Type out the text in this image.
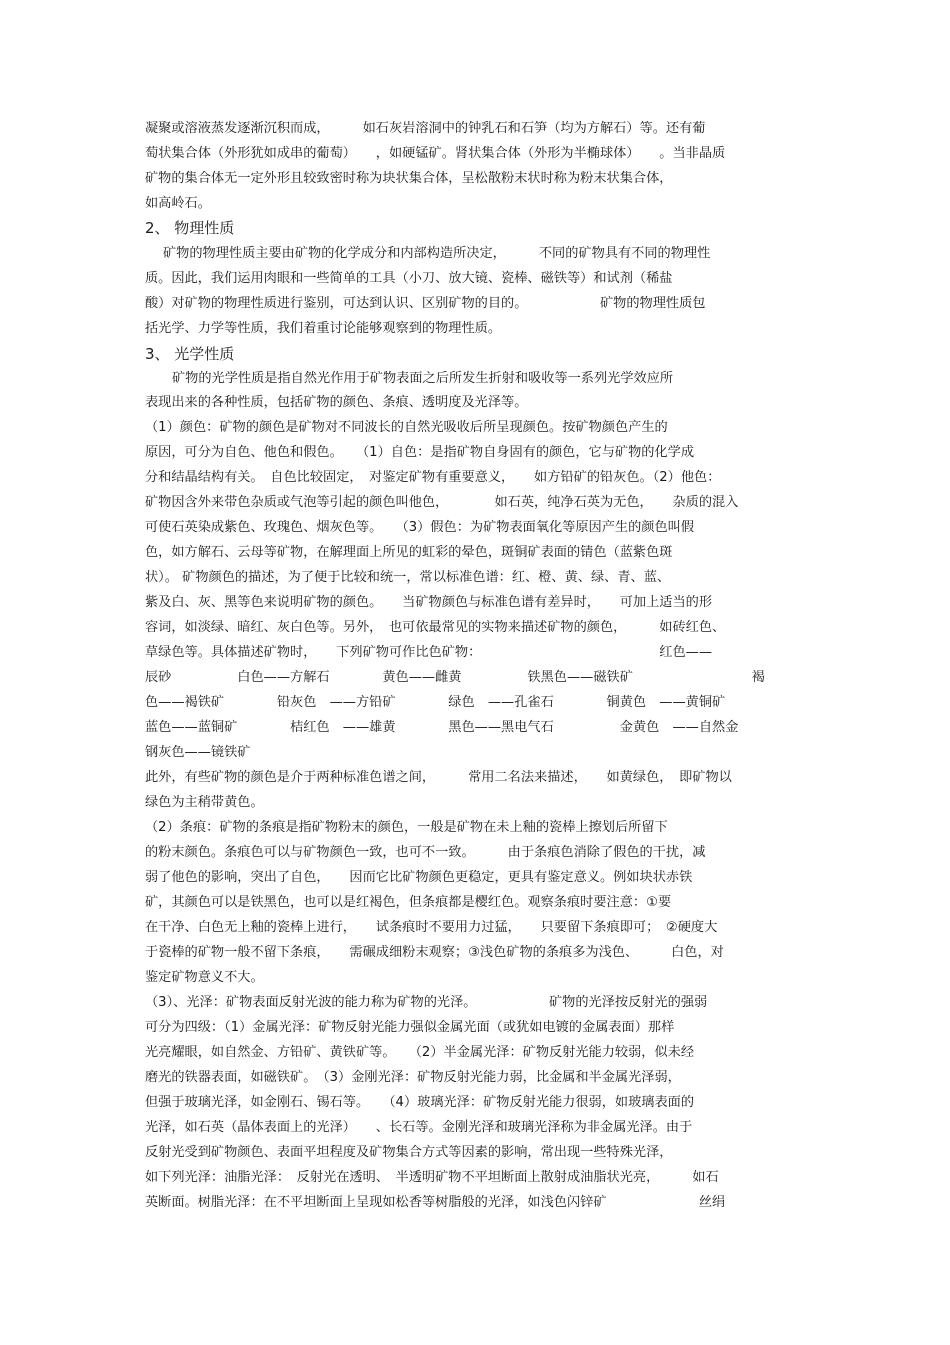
凝聚或溶液蒸发逐渐沉积而成，　　　如石灰岩溶洞中的钟乳石和石笋（均为方解石）等。还有葡
萄状集合体（外形犹如成串的葡萄）　　，如硬锰矿。肾状集合体（外形为半椭球体）　　。当非晶质
矿物的集合体无一定外形且较致密时称为块状集合体，呈松散粉末状时称为粉末状集合体，
如高岭石。
2、 物理性质
矿物的物理性质主要由矿物的化学成分和内部构造所决定，　　　不同的矿物具有不同的物理性
质。因此，我们运用肉眼和一些简单的工具（小刀、放大镜、瓷棒、磁铁等）和试剂（稀盐
酸）对矿物的物理性质进行鉴别，可达到认识、区别矿物的目的。　　　　　　矿物的物理性质包
括光学、力学等性质，我们着重讨论能够观察到的物理性质。
3、 光学性质
矿物的光学性质是指自然光作用于矿物表面之后所发生折射和吸收等一系列光学效应所
表现出来的各种性质，包括矿物的颜色、条痕、透明度及光泽等。
（1）颜色：矿物的颜色是矿物对不同波长的自然光吸收后所呈现颜色。按矿物颜色产生的
原因，可分为自色、他色和假色。　　（1）自色：是指矿物自身固有的颜色，它与矿物的化学成
分和结晶结构有关。　自色比较固定，　对鉴定矿物有重要意义，　　如方铅矿的铅灰色。（2）他色：
矿物因含外来带色杂质或气泡等引起的颜色叫他色，　　　　如石英，纯净石英为无色，　　杂质的混入
可使石英染成紫色、玫瑰色、烟灰色等。　　（3）假色：为矿物表面氧化等原因产生的颜色叫假
色，如方解石、云母等矿物，在解理面上所见的虹彩的晕色，斑铜矿表面的锖色（蓝紫色斑
状）。 矿物颜色的描述，为了便于比较和统一，常以标准色谱：红、橙、黄、绿、青、蓝、
紫及白、灰、黑等色来说明矿物的颜色。　　当矿物颜色与标准色谱有差异时，　　可加上适当的形
容词，如淡绿、暗红、灰白色等。另外，　也可依最常见的实物来描述矿物的颜色，　　　如砖红色、
草绿色等。具体描述矿物时，　　下列矿物可作比色矿物：　　　　　　　　　　　　　　红色——
辰砂　　　　　白色——方解石　　　　黄色——雌黄　　　　　铁黑色——磁铁矿　　　　　　　　　褐
色——褐铁矿　　　　铅灰色　——方铅矿　　　　绿色　——孔雀石　　　　铜黄色　——黄铜矿
蓝色——蓝铜矿　　　　桔红色　——雄黄　　　　黑色——黑电气石　　　　　金黄色　——自然金
钢灰色——镜铁矿
此外，有些矿物的颜色是介于两种标准色谱之间，　　　常用二名法来描述，　　如黄绿色，　即矿物以
绿色为主稍带黄色。
（2）条痕：矿物的条痕是指矿物粉末的颜色，一般是矿物在未上釉的瓷棒上擦划后所留下
的粉末颜色。条痕色可以与矿物颜色一致，也可不一致。　　　由于条痕色消除了假色的干扰，减
弱了他色的影响，突出了自色，　　因而它比矿物颜色更稳定，更具有鉴定意义。例如块状赤铁
矿，其颜色可以是铁黑色，也可以是红褐色，但条痕都是樱红色。观察条痕时要注意：①要
在干净、白色无上釉的瓷棒上进行，　　试条痕时不要用力过猛，　　只要留下条痕即可；　②硬度大
于瓷棒的矿物一般不留下条痕，　　需碾成细粉末观察；③浅色矿物的条痕多为浅色、　　　白色，对
鉴定矿物意义不大。
（3）、光泽：矿物表面反射光波的能力称为矿物的光泽。　　　　　　矿物的光泽按反射光的强弱
可分为四级：（1）金属光泽：矿物反射光能力强似金属光面（或犹如电镀的金属表面）那样
光亮耀眼，如自然金、方铅矿、黄铁矿等。　　（2）半金属光泽：矿物反射光能力较弱，似未经
磨光的铁器表面，如磁铁矿。　（3）金刚光泽：矿物反射光能力弱，比金属和半金属光泽弱，
但强于玻璃光泽，如金刚石、锡石等。　　（4）玻璃光泽：矿物反射光能力很弱，如玻璃表面的
光泽，如石英（晶体表面上的光泽）　　、长石等。金刚光泽和玻璃光泽称为非金属光泽。由于
反射光受到矿物颜色、表面平坦程度及矿物集合方式等因素的影响，常出现一些特殊光泽，
如下列光泽：油脂光泽：　反射光在透明、　半透明矿物不平坦断面上散射成油脂状光亮，　　　如石
英断面。树脂光泽：在不平坦断面上呈现如松香等树脂般的光泽，如浅色闪锌矿　　　　　　　丝绢
